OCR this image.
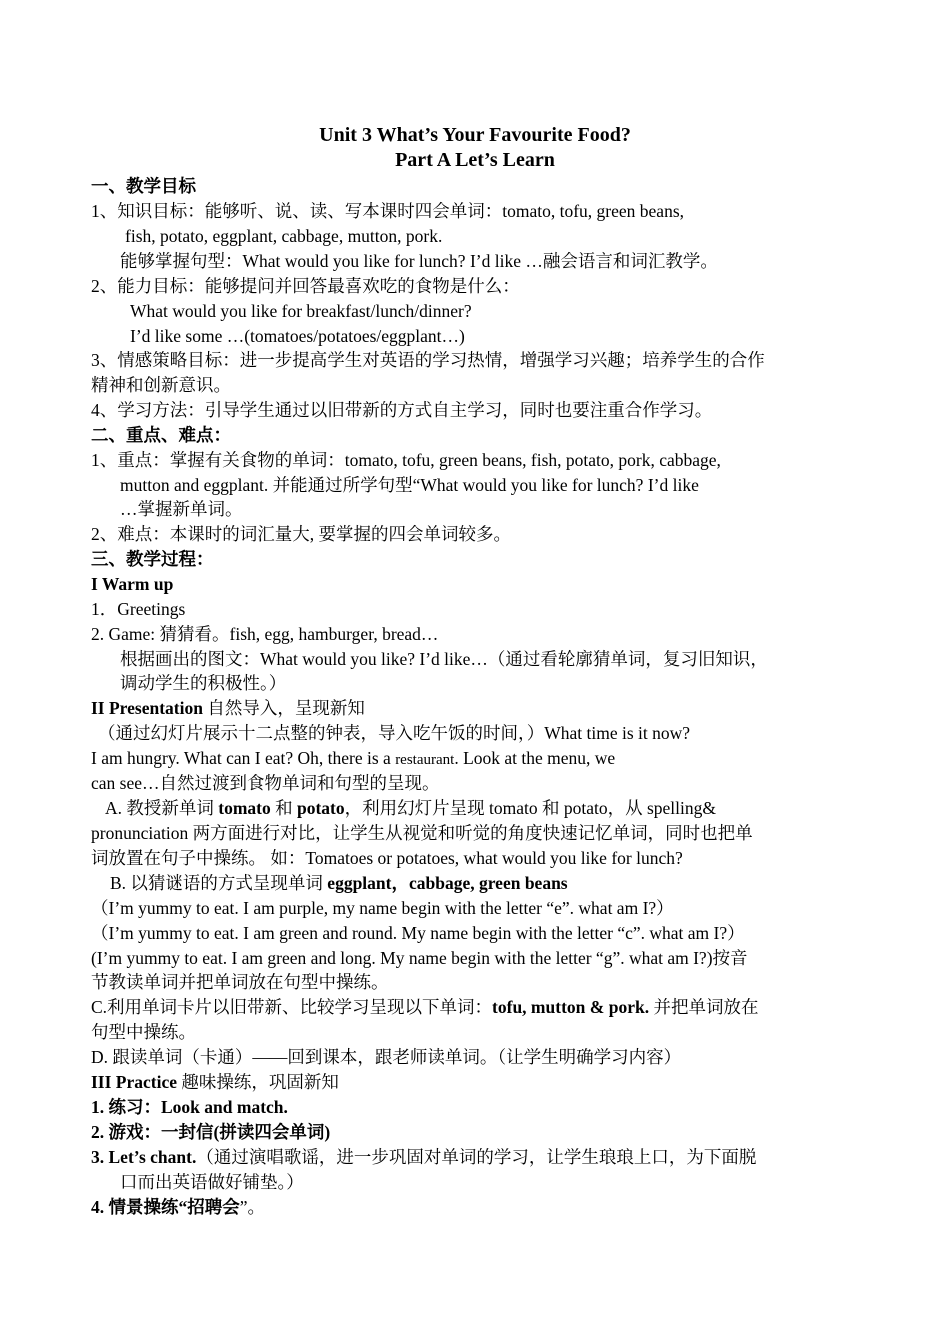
Unit 3 What’s Your Favourite Food?
Part A Let’s Learn
一、教学目标
1、知识目标：能够听、说、读、写本课时四会单词：tomato, tofu, green beans,
fish, potato, eggplant, cabbage, mutton, pork.
能够掌握句型：What would you like for lunch? I’d like …融会语言和词汇教学。
2、能力目标：能够提问并回答最喜欢吃的食物是什么：
What would you like for breakfast/lunch/dinner?
I’d like some …(tomatoes/potatoes/eggplant…)
3、情感策略目标：进一步提高学生对英语的学习热情，增强学习兴趣；培养学生的合作
精神和创新意识。
4、学习方法：引导学生通过以旧带新的方式自主学习，同时也要注重合作学习。
二、重点、难点：
1、重点：掌握有关食物的单词：tomato, tofu, green beans, fish, potato, pork, cabbage,
mutton and eggplant. 并能通过所学句型“What would you like for lunch? I’d like
…掌握新单词。
2、难点：本课时的词汇量大, 要掌握的四会单词较多。
三、教学过程：
I Warm up
1．Greetings
2. Game: 猜猜看。fish, egg, hamburger, bread…
根据画出的图文：What would you like? I’d like…（通过看轮廓猜单词，复习旧知识，
调动学生的积极性。）
II Presentation 自然导入，呈现新知
（通过幻灯片展示十二点整的钟表，导入吃午饭的时间，）What time is it now?
I am hungry. What can I eat? Oh, there is a restaurant. Look at the menu, we
can see…自然过渡到食物单词和句型的呈现。
A. 教授新单词 tomato 和 potato，利用幻灯片呈现 tomato 和 potato，从 spelling&
pronunciation 两方面进行对比，让学生从视觉和听觉的角度快速记忆单词，同时也把单
词放置在句子中操练。 如：Tomatoes or potatoes, what would you like for lunch?
B. 以猜谜语的方式呈现单词 eggplant，cabbage, green beans
（I’m yummy to eat. I am purple, my name begin with the letter “e”. what am I?）
（I’m yummy to eat. I am green and round. My name begin with the letter “c”. what am I?）
(I’m yummy to eat. I am green and long. My name begin with the letter “g”. what am I?)按音
节教读单词并把单词放在句型中操练。
C.利用单词卡片以旧带新、比较学习呈现以下单词：tofu, mutton & pork. 并把单词放在
句型中操练。
D. 跟读单词（卡通）——回到课本，跟老师读单词。（让学生明确学习内容）
III Practice 趣味操练，巩固新知
1. 练习：Look and match.
2. 游戏：一封信(拼读四会单词)
3. Let’s chant.（通过演唱歌谣，进一步巩固对单词的学习，让学生琅琅上口，为下面脱
口而出英语做好铺垫。）
4. 情景操练“招聘会”。
